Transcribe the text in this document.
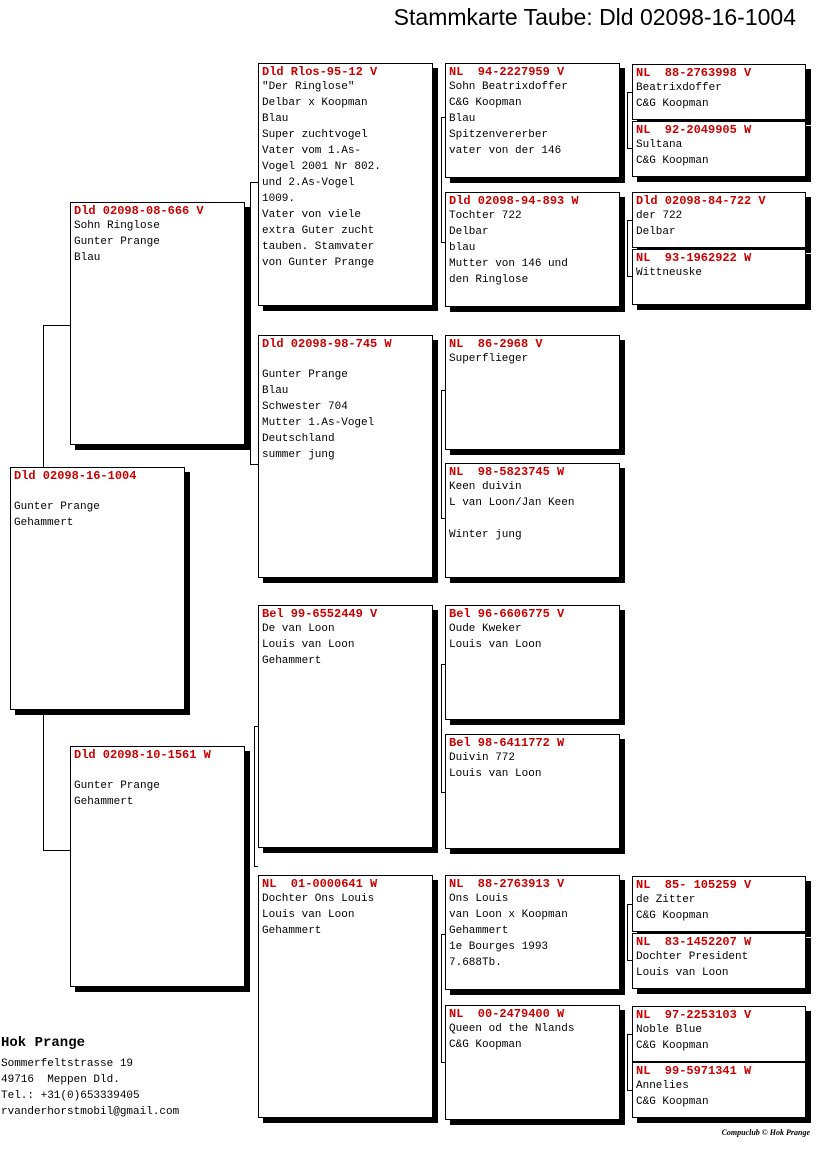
Stammkarte Taube: Dld 02098-16-1004
Dld 02098-16-1004

Gunter Prange
Gehammert
Dld 02098-08-666 V
Sohn Ringlose
Gunter Prange
Blau
Dld 02098-10-1561 W

Gunter Prange
Gehammert
Dld Rlos-95-12 V
"Der Ringlose"
Delbar x Koopman
Blau
Super zuchtvogel
Vater vom 1.As-
Vogel 2001 Nr 802.
und 2.As-Vogel
1009.
Vater von viele
extra Guter zucht
tauben. Stamvater
von Gunter Prange
Dld 02098-98-745 W

Gunter Prange
Blau
Schwester 704
Mutter 1.As-Vogel
Deutschland
summer jung
Bel 99-6552449 V
De van Loon
Louis van Loon
Gehammert
NL  01-0000641 W
Dochter Ons Louis
Louis van Loon
Gehammert
NL  94-2227959 V
Sohn Beatrixdoffer
C&G Koopman
Blau
Spitzenvererber
vater von der 146
Dld 02098-94-893 W
Tochter 722
Delbar
blau
Mutter von 146 und
den Ringlose
NL  86-2968 V
Superflieger
NL  98-5823745 W
Keen duivin
L van Loon/Jan Keen

Winter jung
Bel 96-6606775 V
Oude Kweker
Louis van Loon
Bel 98-6411772 W
Duivin 772
Louis van Loon
NL  88-2763913 V
Ons Louis
van Loon x Koopman
Gehammert
1e Bourges 1993
7.688Tb.
NL  00-2479400 W
Queen od the Nlands
C&G Koopman
NL  88-2763998 V
Beatrixdoffer
C&G Koopman
NL  92-2049905 W
Sultana
C&G Koopman
Dld 02098-84-722 V
der 722
Delbar
NL  93-1962922 W
Wittneuske
NL  85- 105259 V
de Zitter
C&G Koopman
NL  83-1452207 W
Dochter President
Louis van Loon
NL  97-2253103 V
Noble Blue
C&G Koopman
NL  99-5971341 W
Annelies
C&G Koopman
Hok Prange
Sommerfeltstrasse 19
49716  Meppen Dld.
Tel.: +31(0)653339405
rvanderhorstmobil@gmail.com
Compuclub © Hok Prange
